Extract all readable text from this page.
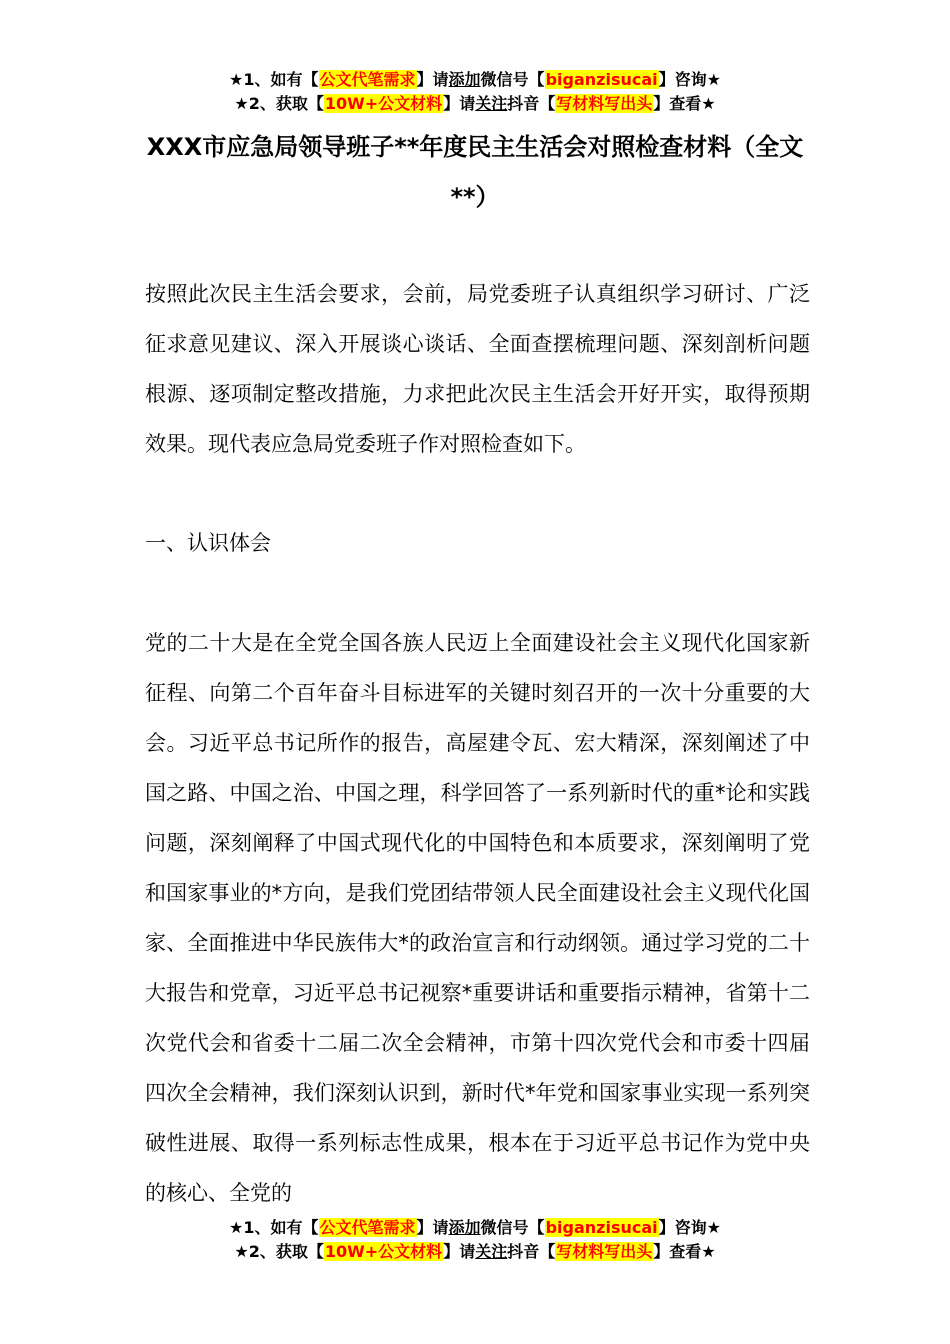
★1、如有【公文代笔需求】请添加微信号【biganzisucai】咨询★
★2、获取【10W+公文材料】请关注抖音【写材料写出头】查看★
XXX市应急局领导班子**年度民主生活会对照检查材料（全文**）

按照此次民主生活会要求，会前，局党委班子认真组织学习研讨、广泛征求意见建议、深入开展谈心谈话、全面查摆梳理问题、深刻剖析问题根源、逐项制定整改措施，力求把此次民主生活会开好开实，取得预期效果。现代表应急局党委班子作对照检查如下。

一、认识体会

党的二十大是在全党全国各族人民迈上全面建设社会主义现代化国家新征程、向第二个百年奋斗目标进军的关键时刻召开的一次十分重要的大会。习近平总书记所作的报告，高屋建令瓦、宏大精深，深刻阐述了中国之路、中国之治、中国之理，科学回答了一系列新时代的重*论和实践问题，深刻阐释了中国式现代化的中国特色和本质要求，深刻阐明了党和国家事业的*方向，是我们党团结带领人民全面建设社会主义现代化国家、全面推进中华民族伟大*的政治宣言和行动纲领。通过学习党的二十大报告和党章，习近平总书记视察*重要讲话和重要指示精神，省第十二次党代会和省委十二届二次全会精神，市第十四次党代会和市委十四届四次全会精神，我们深刻认识到，新时代*年党和国家事业实现一系列突破性进展、取得一系列标志性成果，根本在于习近平总书记作为党中央的核心、全党的

★1、如有【公文代笔需求】请添加微信号【biganzisucai】咨询★
★2、获取【10W+公文材料】请关注抖音【写材料写出头】查看★
